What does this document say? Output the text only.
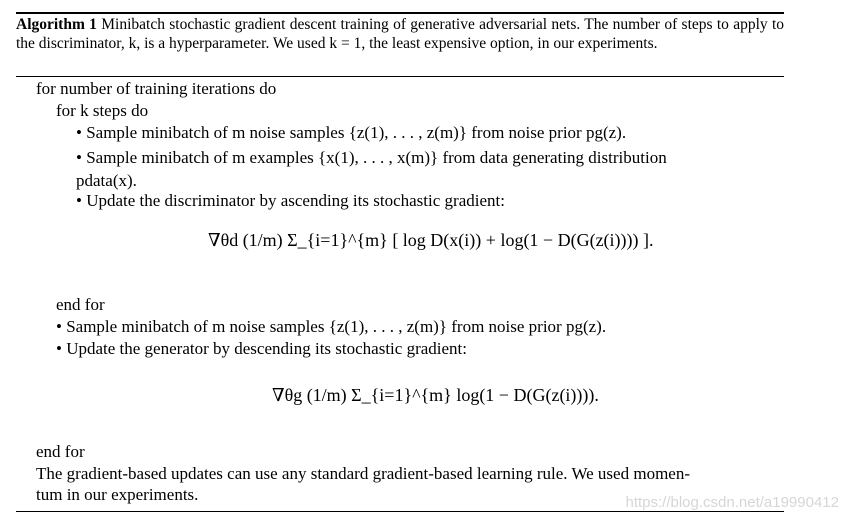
Algorithm 1 Minibatch stochastic gradient descent training of generative adversarial nets. The number of steps to apply to the discriminator, k, is a hyperparameter. We used k = 1, the least expensive option, in our experiments.
for number of training iterations do
for k steps do
• Sample minibatch of m noise samples {z(1), . . . , z(m)} from noise prior pg(z).
• Sample minibatch of m examples {x(1), . . . , x(m)} from data generating distribution
pdata(x).
• Update the discriminator by ascending its stochastic gradient:
∇θd (1/m) Σ_{i=1}^{m} [ log D(x(i)) + log(1 − D(G(z(i)))) ].
end for
• Sample minibatch of m noise samples {z(1), . . . , z(m)} from noise prior pg(z).
• Update the generator by descending its stochastic gradient:
∇θg (1/m) Σ_{i=1}^{m} log(1 − D(G(z(i)))).
end for
The gradient-based updates can use any standard gradient-based learning rule. We used momen-
tum in our experiments.	https://blog.csdn.net/a19990412
